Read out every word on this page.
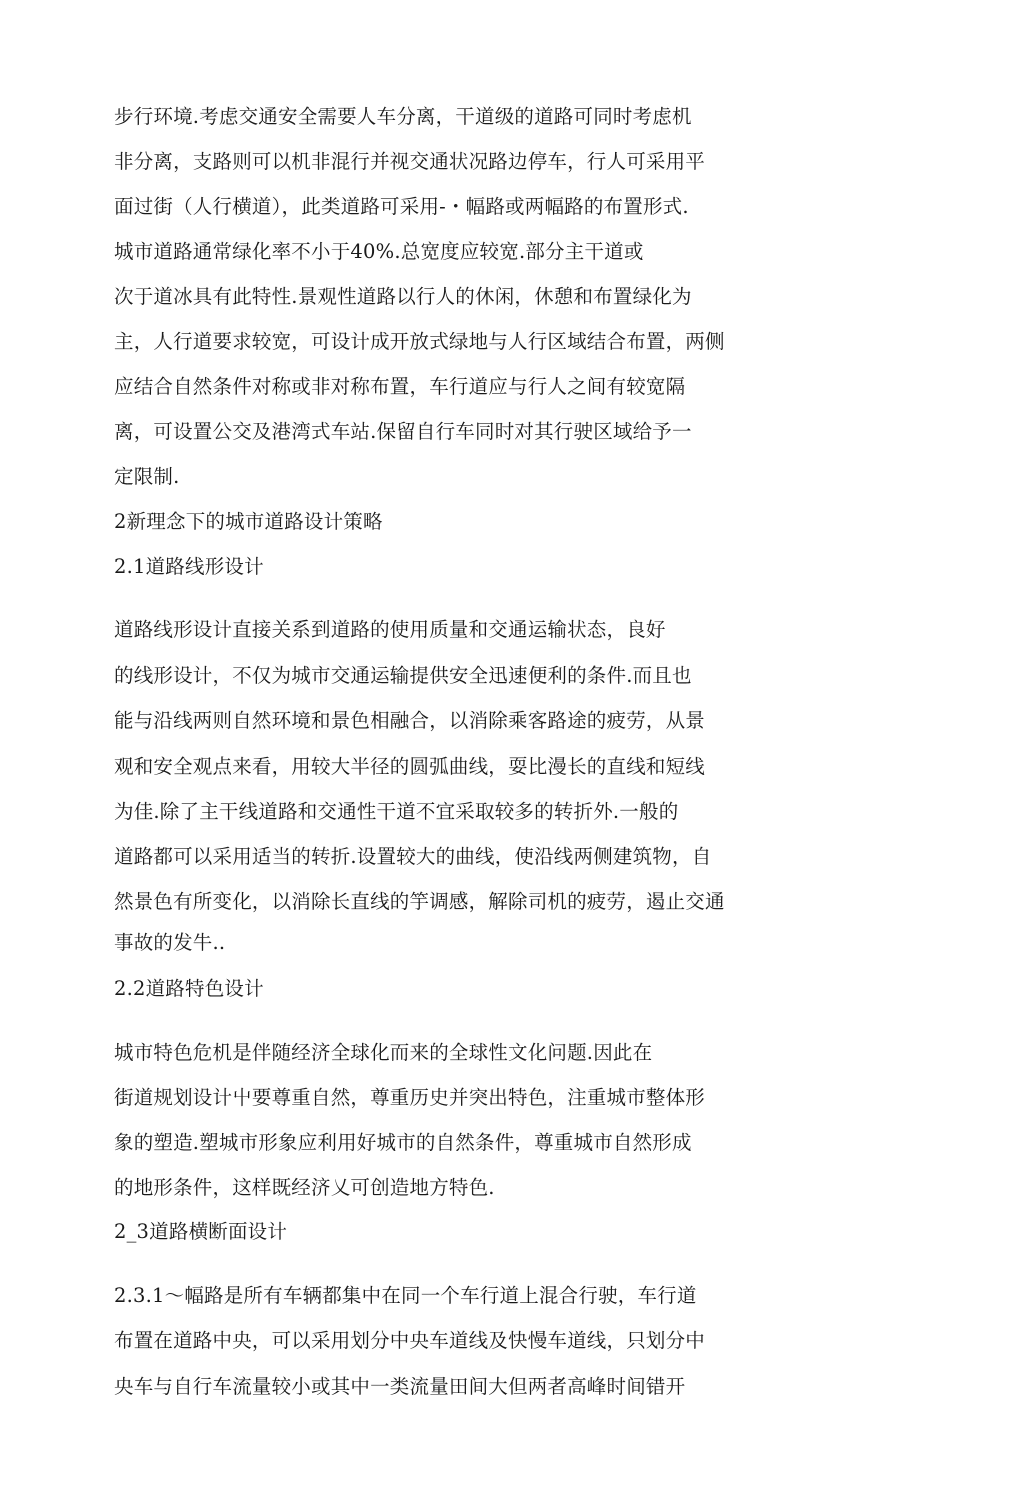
步行环境.考虑交通安全需要人车分离，干道级的道路可同时考虑机
非分离，支路则可以机非混行并视交通状况路边停车，行人可采用平
面过街（人行横道），此类道路可采用-・幅路或两幅路的布置形式.
城市道路通常绿化率不小于40%.总宽度应较宽.部分主干道或
次于道冰具有此特性.景观性道路以行人的休闲，休憩和布置绿化为
主，人行道要求较宽，可设计成开放式绿地与人行区域结合布置，两侧
应结合自然条件对称或非对称布置，车行道应与行人之间有较宽隔
离，可设置公交及港湾式车站.保留自行车同时对其行驶区域给予一
定限制.
2新理念下的城市道路设计策略
2.1道路线形设计
道路线形设计直接关系到道路的使用质量和交通运输状态，良好
的线形设计，不仅为城市交通运输提供安全迅速便利的条件.而且也
能与沿线两则自然环境和景色相融合，以消除乘客路途的疲劳，从景
观和安全观点来看，用较大半径的圆弧曲线，耍比漫长的直线和短线
为佳.除了主干线道路和交通性干道不宜采取较多的转折外.一般的
道路都可以采用适当的转折.设置较大的曲线，使沿线两侧建筑物，自
然景色有所变化，以消除长直线的竽调感，解除司机的疲劳，遏止交通
事故的发牛..
2.2道路特色设计
城市特色危机是伴随经济全球化而来的全球性文化问题.因此在
街道规划设计屮要尊重自然，尊重历史并突出特色，注重城市整体形
象的塑造.塑城市形象应利用好城市的自然条件，尊重城市自然形成
的地形条件，这样既经济乂可创造地方特色.
2_3道路横断面设计
2.3.1〜幅路是所有车辆都集中在同一个车行道上混合行驶，车行道
布置在道路中央，可以采用划分中央车道线及快慢车道线，只划分中
央车与自行车流量较小或其中一类流量田间大但两者高峰时间错开
